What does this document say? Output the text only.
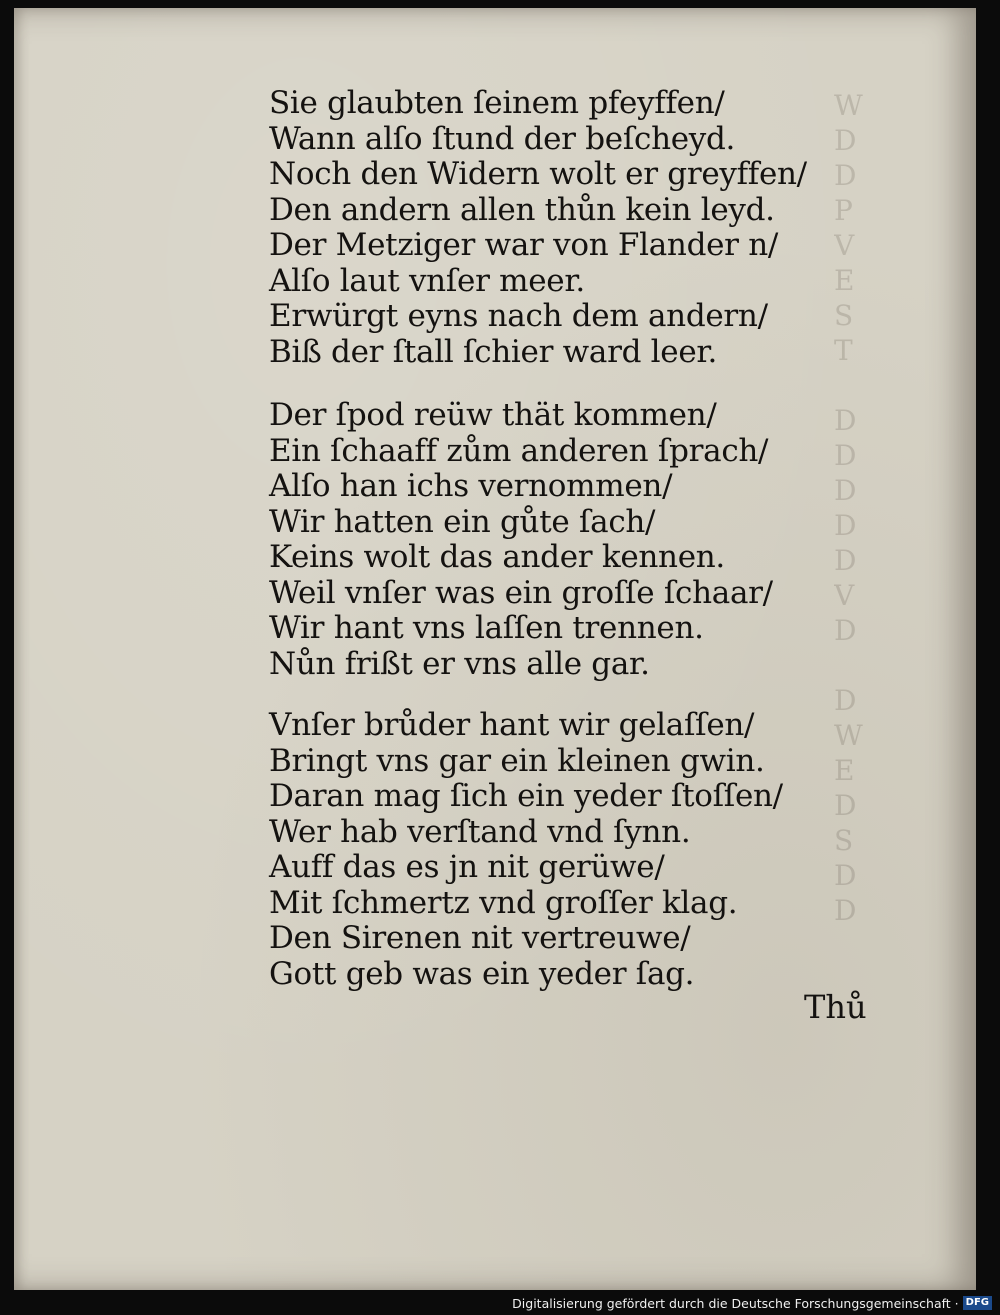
W
D
D
P
V
E
S
T

D
D
D
D
D
V
D

D
W
E
D
S
D
D
Sie glaubten ſeinem pfeyffen/
Wann alſo ſtund der beſcheyd.
Noch den Widern wolt er greyffen/
Den andern allen thůn kein leyd.
Der Metziger war von Flander n/
Alſo laut vnſer meer.
Erwürgt eyns nach dem andern/
Biß der ſtall ſchier ward leer.
Der ſpod reüw thät kommen/
Ein ſchaaff zům anderen ſprach/
Alſo han ichs vernommen/
Wir hatten ein gůte ſach/
Keins wolt das ander kennen.
Weil vnſer was ein groſſe ſchaar/
Wir hant vns laſſen trennen.
Nůn frißt er vns alle gar.
Vnſer brůder hant wir gelaſſen/
Bringt vns gar ein kleinen gwin.
Daran mag ſich ein yeder ſtoſſen/
Wer hab verſtand vnd ſynn.
Auff das es jn nit gerüwe/
Mit ſchmertz vnd groſſer klag.
Den Sirenen nit vertreuwe/
Gott geb was ein yeder ſag.
Thů
Digitalisierung gefördert durch die Deutsche Forschungsgemeinschaft · DFG
